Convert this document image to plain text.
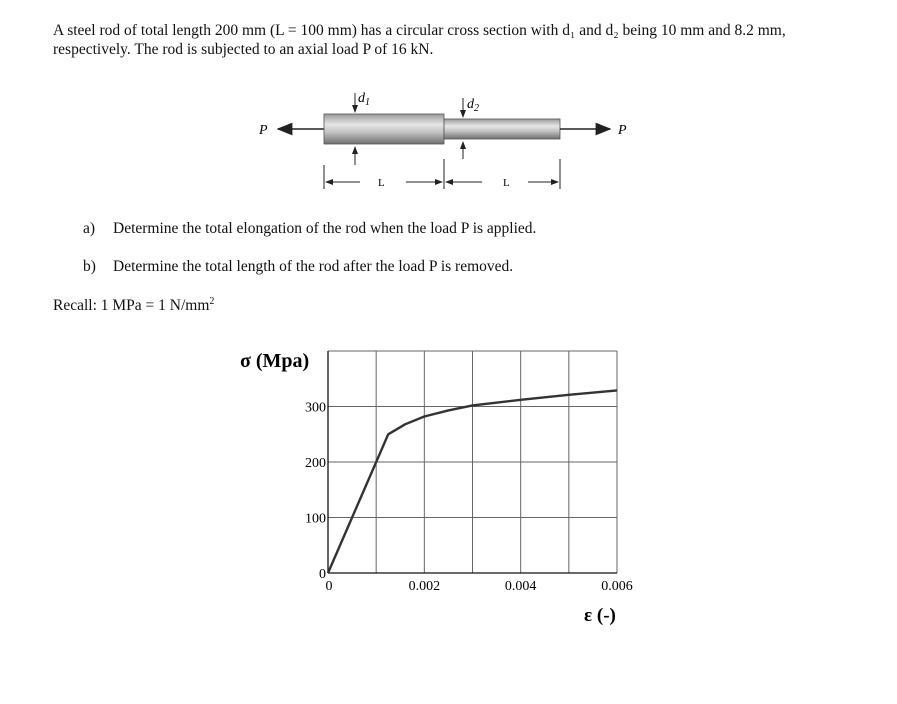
A steel rod of total length 200 mm (L = 100 mm) has a circular cross section with d₁ and d₂ being 10 mm and 8.2 mm, respectively. The rod is subjected to an axial load P of 16 kN.
P	P
$d_1$	$d_2$
L	L
a) Determine the total elongation of the rod when the load P is applied.
b) Determine the total length of the rod after the load P is removed.
Recall: 1 MPa = 1 $N/mm^2$
0
100
200
300
0	0.002	0.004	0.006
σ (Mpa)
ε (-)
